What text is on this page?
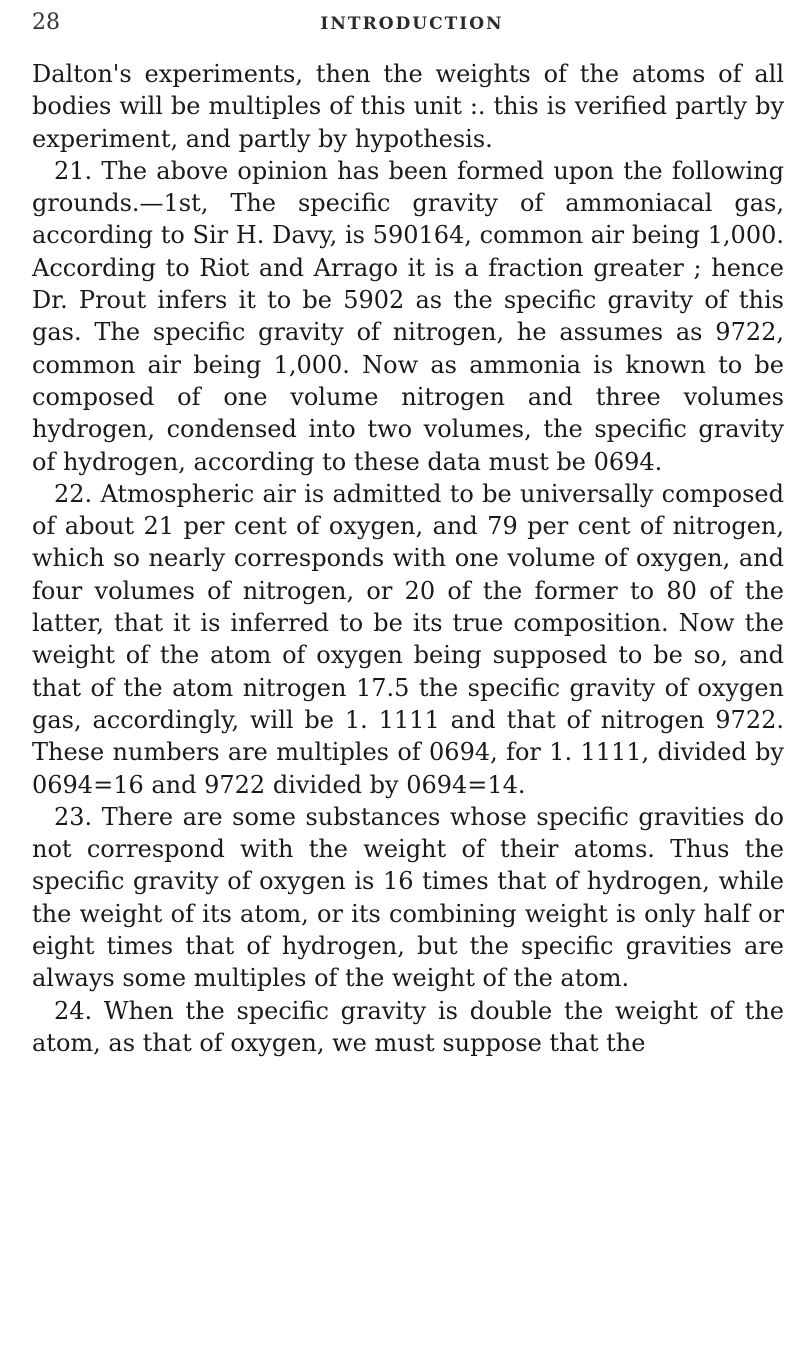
28	INTRODUCTION

Dalton's experiments, then the weights of the atoms of all bodies will be multiples of this unit :. this is verified partly by experiment, and partly by hypothesis.

21. The above opinion has been formed upon the following grounds.—1st, The specific gravity of ammoniacal gas, according to Sir H. Davy, is 590164, common air being 1,000. According to Riot and Arrago it is a fraction greater ; hence Dr. Prout infers it to be 5902 as the specific gravity of this gas. The specific gravity of nitrogen, he assumes as 9722, common air being 1,000. Now as ammonia is known to be composed of one volume nitrogen and three volumes hydrogen, condensed into two volumes, the specific gravity of hydrogen, according to these data must be 0694.

22. Atmospheric air is admitted to be universally composed of about 21 per cent of oxygen, and 79 per cent of nitrogen, which so nearly corresponds with one volume of oxygen, and four volumes of nitrogen, or 20 of the former to 80 of the latter, that it is inferred to be its true composition. Now the weight of the atom of oxygen being supposed to be so, and that of the atom nitrogen 17.5 the specific gravity of oxygen gas, accordingly, will be 1. 1111 and that of nitrogen 9722. These numbers are multiples of 0694, for 1. 1111, divided by 0694=16 and 9722 divided by 0694=14.

23. There are some substances whose specific gravities do not correspond with the weight of their atoms. Thus the specific gravity of oxygen is 16 times that of hydrogen, while the weight of its atom, or its combining weight is only half or eight times that of hydrogen, but the specific gravities are always some multiples of the weight of the atom.

24. When the specific gravity is double the weight of the atom, as that of oxygen, we must suppose that the
